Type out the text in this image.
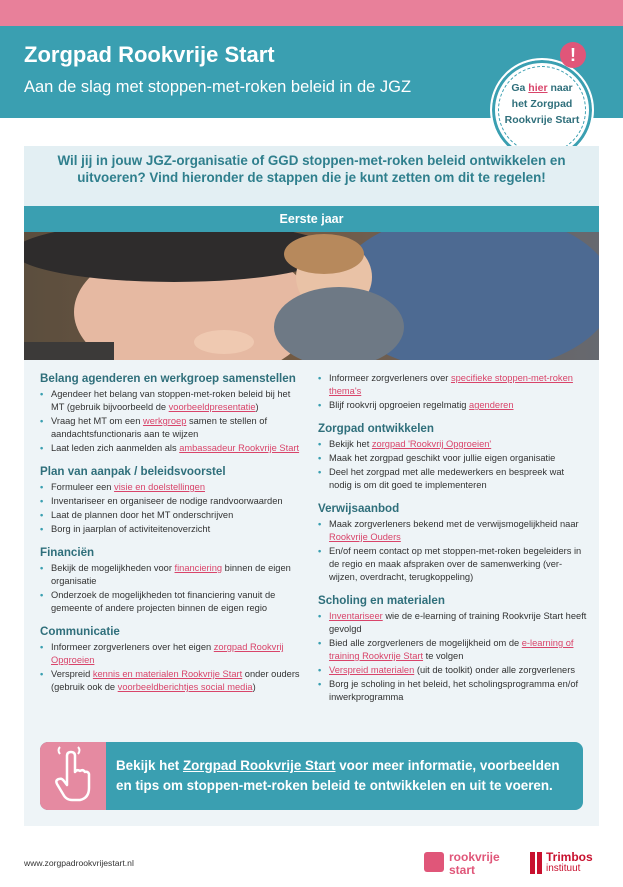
Zorgpad Rookvrije Start
Aan de slag met stoppen-met-roken beleid in de JGZ	Ga hier naar
het Zorgpad
Rookvrije Start
!
Wil jij in jouw JGZ-organisatie of GGD stoppen-met-roken beleid ontwikkelen en uitvoeren? Vind hieronder de stappen die je kunt zetten om dit te regelen!
Eerste jaar
Belang agenderen en werkgroep samenstellen
• Agendeer het belang van stoppen-met-roken beleid bij het MT (gebruik bijvoorbeeld de voorbeeldpresentatie)
• Vraag het MT om een werkgroep samen te stellen of aandachtsfunctionaris aan te wijzen
• Laat leden zich aanmelden als ambassadeur Rookvrije Start
Plan van aanpak / beleidsvoorstel
• Formuleer een visie en doelstellingen
• Inventariseer en organiseer de nodige randvoorwaarden
• Laat de plannen door het MT onderschrijven
• Borg in jaarplan of activiteitenoverzicht
Financiën
• Bekijk de mogelijkheden voor financiering binnen de eigen organisatie
• Onderzoek de mogelijkheden tot financiering vanuit de gemeente of andere projecten binnen de eigen regio
Communicatie
• Informeer zorgverleners over het eigen zorgpad Rookvrij Opgroeien
• Verspreid kennis en materialen Rookvrije Start onder ouders (gebruik ook de voorbeeldberichtjes social media)
• Informeer zorgverleners over specifieke stoppen-met-roken thema's
• Blijf rookvrij opgroeien regelmatig agenderen
Zorgpad ontwikkelen
• Bekijk het zorgpad 'Rookvrij Opgroeien'
• Maak het zorgpad geschikt voor jullie eigen organisatie
• Deel het zorgpad met alle medewerkers en bespreek wat nodig is om dit goed te implementeren
Verwijsaanbod
• Maak zorgverleners bekend met de verwijsmogelijkheid naar Rookvrije Ouders
• En/of neem contact op met stoppen-met-roken begeleiders in de regio en maak afspraken over de samenwerking (ver-wijzen, overdracht, terugkoppeling)
Scholing en materialen
• Inventariseer wie de e-learning of training Rookvrije Start heeft gevolgd
• Bied alle zorgverleners de mogelijkheid om de e-learning of training Rookvrije Start te volgen
• Verspreid materialen (uit de toolkit) onder alle zorgverleners
• Borg je scholing in het beleid, het scholingsprogramma en/of inwerkprogramma
Bekijk het Zorgpad Rookvrije Start voor meer informatie, voorbeelden en tips om stoppen-met-roken beleid te ontwikkelen en uit te voeren.
www.zorgpadrookvrijestart.nl	rookvrije
start
Trimbos
instituut
